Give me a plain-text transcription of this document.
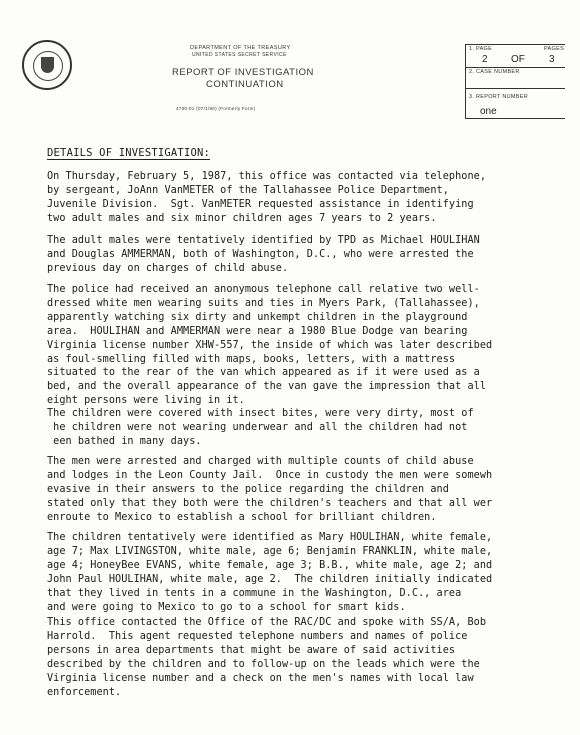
DEPARTMENT OF THE TREASURY
UNITED STATES SECRET SERVICE
REPORT OF INVESTIGATION
CONTINUATION
4700-01 (07/1/80) (Formerly Form)
1. PAGE	PAGES
2 OF 3
2. CASE NUMBER
3. REPORT NUMBER
one
DETAILS OF INVESTIGATION:

On Thursday, February 5, 1987, this office was contacted via telephone,
by sergeant, JoAnn VanMETER of the Tallahassee Police Department,
Juvenile Division.  Sgt. VanMETER requested assistance in identifying
two adult males and six minor children ages 7 years to 2 years.

The adult males were tentatively identified by TPD as Michael HOULIHAN
and Douglas AMMERMAN, both of Washington, D.C., who were arrested the
previous day on charges of child abuse.

The police had received an anonymous telephone call relative two well-
dressed white men wearing suits and ties in Myers Park, (Tallahassee),
apparently watching six dirty and unkempt children in the playground
area.  HOULIHAN and AMMERMAN were near a 1980 Blue Dodge van bearing
Virginia license number XHW-557, the inside of which was later described
as foul-smelling filled with maps, books, letters, with a mattress
situated to the rear of the van which appeared as if it were used as a
bed, and the overall appearance of the van gave the impression that all
eight persons were living in it.

The children were covered with insect bites, were very dirty, most of
he children were not wearing underwear and all the children had not
een bathed in many days.

The men were arrested and charged with multiple counts of child abuse
and lodges in the Leon County Jail.  Once in custody the men were somewh
evasive in their answers to the police regarding the children and
stated only that they both were the children's teachers and that all wer
enroute to Mexico to establish a school for brilliant children.

The children tentatively were identified as Mary HOULIHAN, white female,
age 7; Max LIVINGSTON, white male, age 6; Benjamin FRANKLIN, white male,
age 4; HoneyBee EVANS, white female, age 3; B.B., white male, age 2; and
John Paul HOULIHAN, white male, age 2.  The children initially indicated
that they lived in tents in a commune in the Washington, D.C., area
and were going to Mexico to go to a school for smart kids.

This office contacted the Office of the RAC/DC and spoke with SS/A, Bob
Harrold.  This agent requested telephone numbers and names of police
persons in area departments that might be aware of said activities
described by the children and to follow-up on the leads which were the
Virginia license number and a check on the men's names with local law
enforcement.
